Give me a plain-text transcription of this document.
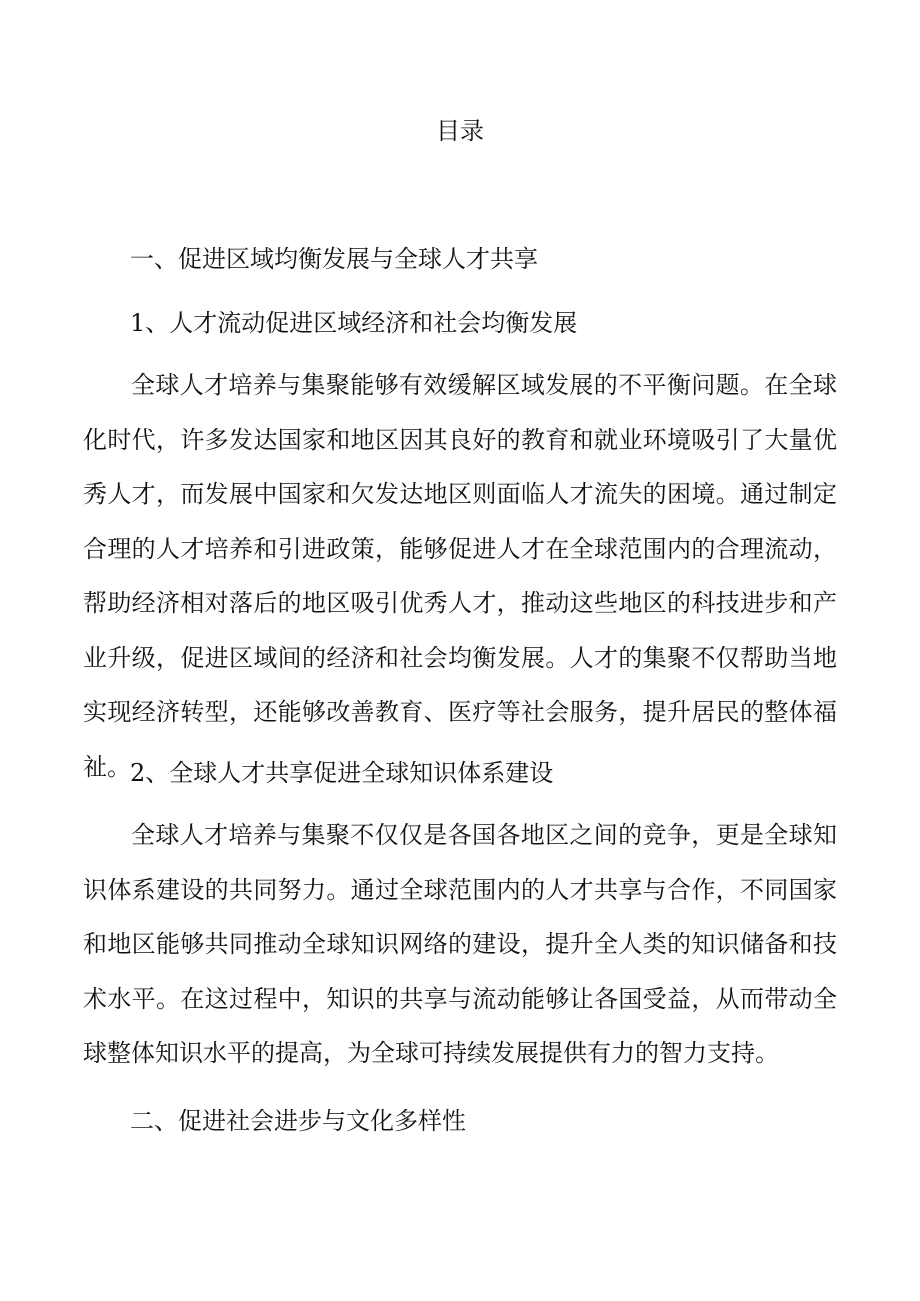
目录
一、促进区域均衡发展与全球人才共享
1、人才流动促进区域经济和社会均衡发展

全球人才培养与集聚能够有效缓解区域发展的不平衡问题。在全球化时代，许多发达国家和地区因其良好的教育和就业环境吸引了大量优秀人才，而发展中国家和欠发达地区则面临人才流失的困境。通过制定合理的人才培养和引进政策，能够促进人才在全球范围内的合理流动，帮助经济相对落后的地区吸引优秀人才，推动这些地区的科技进步和产业升级，促进区域间的经济和社会均衡发展。人才的集聚不仅帮助当地实现经济转型，还能够改善教育、医疗等社会服务，提升居民的整体福祉。 2、全球人才共享促进全球知识体系建设

全球人才培养与集聚不仅仅是各国各地区之间的竞争，更是全球知识体系建设的共同努力。通过全球范围内的人才共享与合作，不同国家和地区能够共同推动全球知识网络的建设，提升全人类的知识储备和技术水平。在这过程中，知识的共享与流动能够让各国受益，从而带动全球整体知识水平的提高，为全球可持续发展提供有力的智力支持。

二、促进社会进步与文化多样性
